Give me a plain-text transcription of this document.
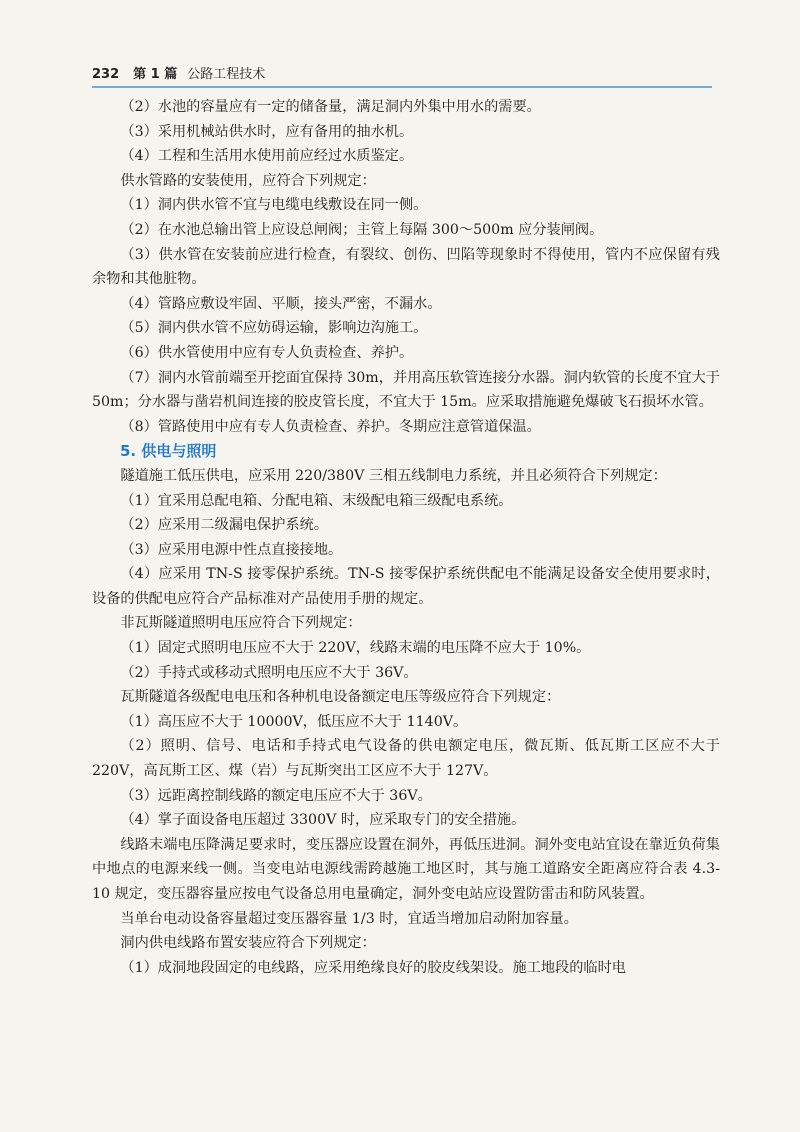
232 第 1 篇 公路工程技术

（2）水池的容量应有一定的储备量，满足洞内外集中用水的需要。

（3）采用机械站供水时，应有备用的抽水机。

（4）工程和生活用水使用前应经过水质鉴定。

供水管路的安装使用，应符合下列规定：

（1）洞内供水管不宜与电缆电线敷设在同一侧。

（2）在水池总输出管上应设总闸阀；主管上每隔 300～500m 应分装闸阀。

（3）供水管在安装前应进行检查，有裂纹、创伤、凹陷等现象时不得使用，管内不应保留有残余物和其他脏物。

（4）管路应敷设牢固、平顺，接头严密，不漏水。

（5）洞内供水管不应妨碍运输，影响边沟施工。

（6）供水管使用中应有专人负责检查、养护。

（7）洞内水管前端至开挖面宜保持 30m，并用高压软管连接分水器。洞内软管的长度不宜大于 50m；分水器与凿岩机间连接的胶皮管长度，不宜大于 15m。应采取措施避免爆破飞石损坏水管。

（8）管路使用中应有专人负责检查、养护。冬期应注意管道保温。

5. 供电与照明

隧道施工低压供电，应采用 220/380V 三相五线制电力系统，并且必须符合下列规定：

（1）宜采用总配电箱、分配电箱、末级配电箱三级配电系统。

（2）应采用二级漏电保护系统。

（3）应采用电源中性点直接接地。

（4）应采用 TN-S 接零保护系统。TN-S 接零保护系统供配电不能满足设备安全使用要求时，设备的供配电应符合产品标准对产品使用手册的规定。

非瓦斯隧道照明电压应符合下列规定：

（1）固定式照明电压应不大于 220V，线路末端的电压降不应大于 10%。

（2）手持式或移动式照明电压应不大于 36V。

瓦斯隧道各级配电电压和各种机电设备额定电压等级应符合下列规定：

（1）高压应不大于 10000V，低压应不大于 1140V。

（2）照明、信号、电话和手持式电气设备的供电额定电压，微瓦斯、低瓦斯工区应不大于 220V，高瓦斯工区、煤（岩）与瓦斯突出工区应不大于 127V。

（3）远距离控制线路的额定电压应不大于 36V。

（4）掌子面设备电压超过 3300V 时，应采取专门的安全措施。

线路末端电压降满足要求时，变压器应设置在洞外，再低压进洞。洞外变电站宜设在靠近负荷集中地点的电源来线一侧。当变电站电源线需跨越施工地区时，其与施工道路安全距离应符合表 4.3-10 规定，变压器容量应按电气设备总用电量确定，洞外变电站应设置防雷击和防风装置。

当单台电动设备容量超过变压器容量 1/3 时，宜适当增加启动附加容量。

洞内供电线路布置安装应符合下列规定：

（1）成洞地段固定的电线路，应采用绝缘良好的胶皮线架设。施工地段的临时电
